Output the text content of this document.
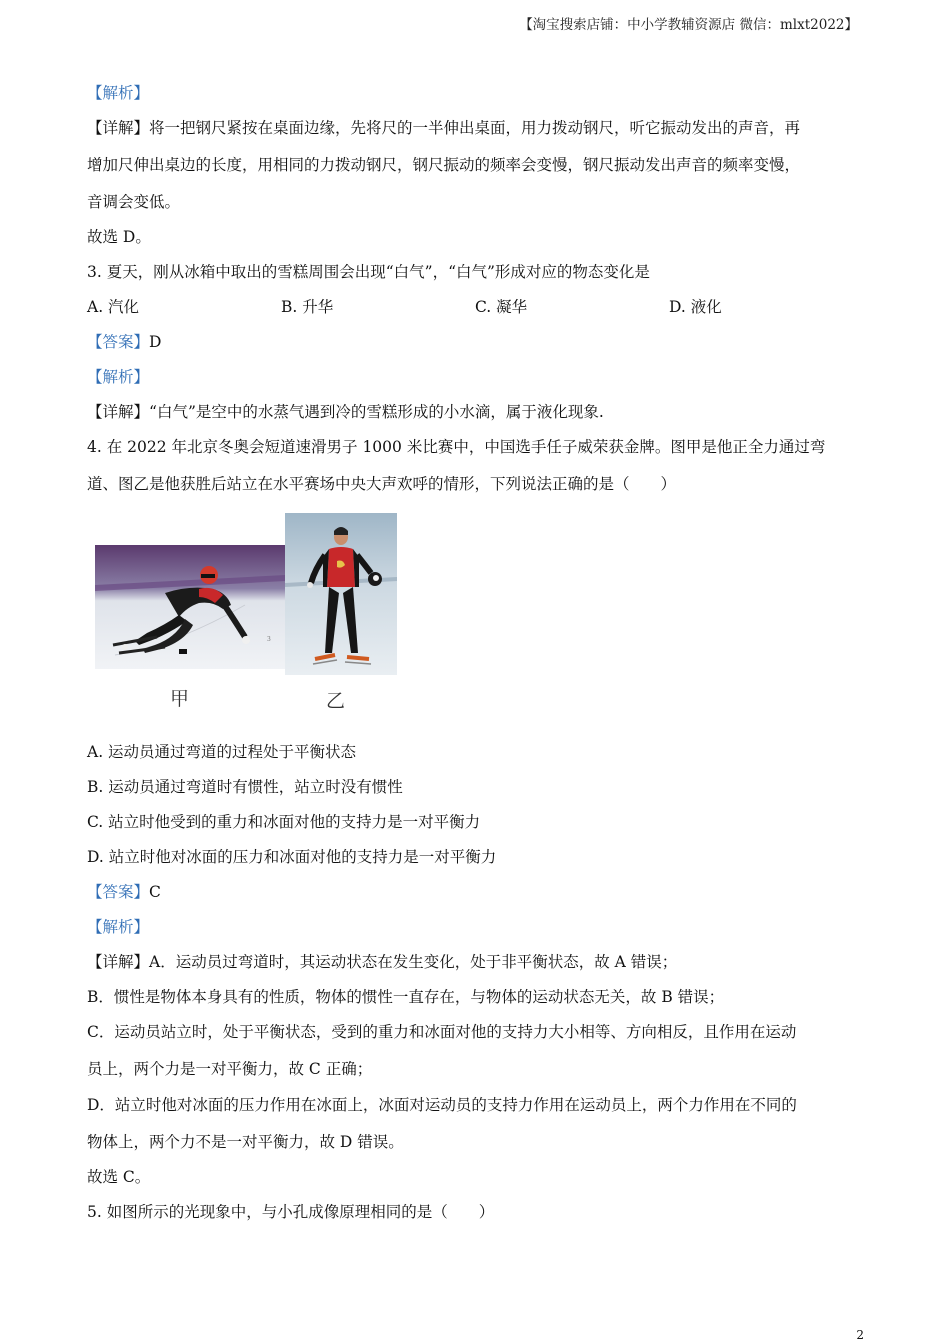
【淘宝搜索店铺：中小学教辅资源店 微信：mlxt2022】
【解析】
【详解】将一把钢尺紧按在桌面边缘，先将尺的一半伸出桌面，用力拨动钢尺，听它振动发出的声音，再
增加尺伸出桌边的长度，用相同的力拨动钢尺，钢尺振动的频率会变慢，钢尺振动发出声音的频率变慢，
音调会变低。
故选 D。
3. 夏天，刚从冰箱中取出的雪糕周围会出现“白气”，“白气”形成对应的物态变化是
A. 汽化	B. 升华	C. 凝华	D. 液化
【答案】D
【解析】
【详解】“白气”是空中的水蒸气遇到冷的雪糕形成的小水滴，属于液化现象.
4. 在 2022 年北京冬奥会短道速滑男子 1000 米比赛中，中国选手任子威荣获金牌。图甲是他正全力通过弯
道、图乙是他获胜后站立在水平赛场中央大声欢呼的情形，下列说法正确的是（　　）
3
甲	乙
A. 运动员通过弯道的过程处于平衡状态
B. 运动员通过弯道时有惯性，站立时没有惯性
C. 站立时他受到的重力和冰面对他的支持力是一对平衡力
D. 站立时他对冰面的压力和冰面对他的支持力是一对平衡力
【答案】C
【解析】
【详解】A．运动员过弯道时，其运动状态在发生变化，处于非平衡状态，故 A 错误；
B．惯性是物体本身具有的性质，物体的惯性一直存在，与物体的运动状态无关，故 B 错误；
C．运动员站立时，处于平衡状态，受到的重力和冰面对他的支持力大小相等、方向相反，且作用在运动
员上，两个力是一对平衡力，故 C 正确；
D．站立时他对冰面的压力作用在冰面上，冰面对运动员的支持力作用在运动员上，两个力作用在不同的
物体上，两个力不是一对平衡力，故 D 错误。
故选 C。
5. 如图所示的光现象中，与小孔成像原理相同的是（　　）
2
